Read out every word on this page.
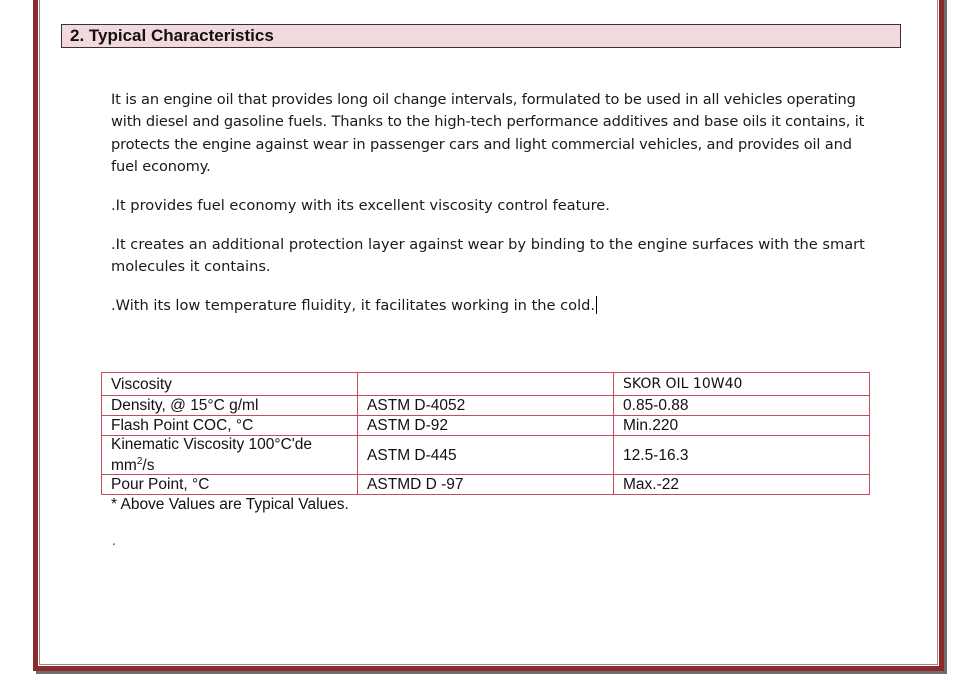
2. Typical Characteristics

It is an engine oil that provides long oil change intervals, formulated to be used in all vehicles operating with diesel and gasoline fuels. Thanks to the high-tech performance additives and base oils it contains, it protects the engine against wear in passenger cars and light commercial vehicles, and provides oil and fuel economy.

.It provides fuel economy with its excellent viscosity control feature.

.It creates an additional protection layer against wear by binding to the engine surfaces with the smart molecules it contains.

.With its low temperature fluidity, it facilitates working in the cold.

Viscosity		SKOR OIL 10W40
Density, @ 15°C g/ml	ASTM D-4052	0.85-0.88
Flash Point COC, °C	ASTM D-92	Min.220
Kinematic Viscosity 100°C'de
$mm^2/s$	ASTM D-445	12.5-16.3
Pour Point, °C	ASTMD D -97	Max.-22
* Above Values are Typical Values.
.
